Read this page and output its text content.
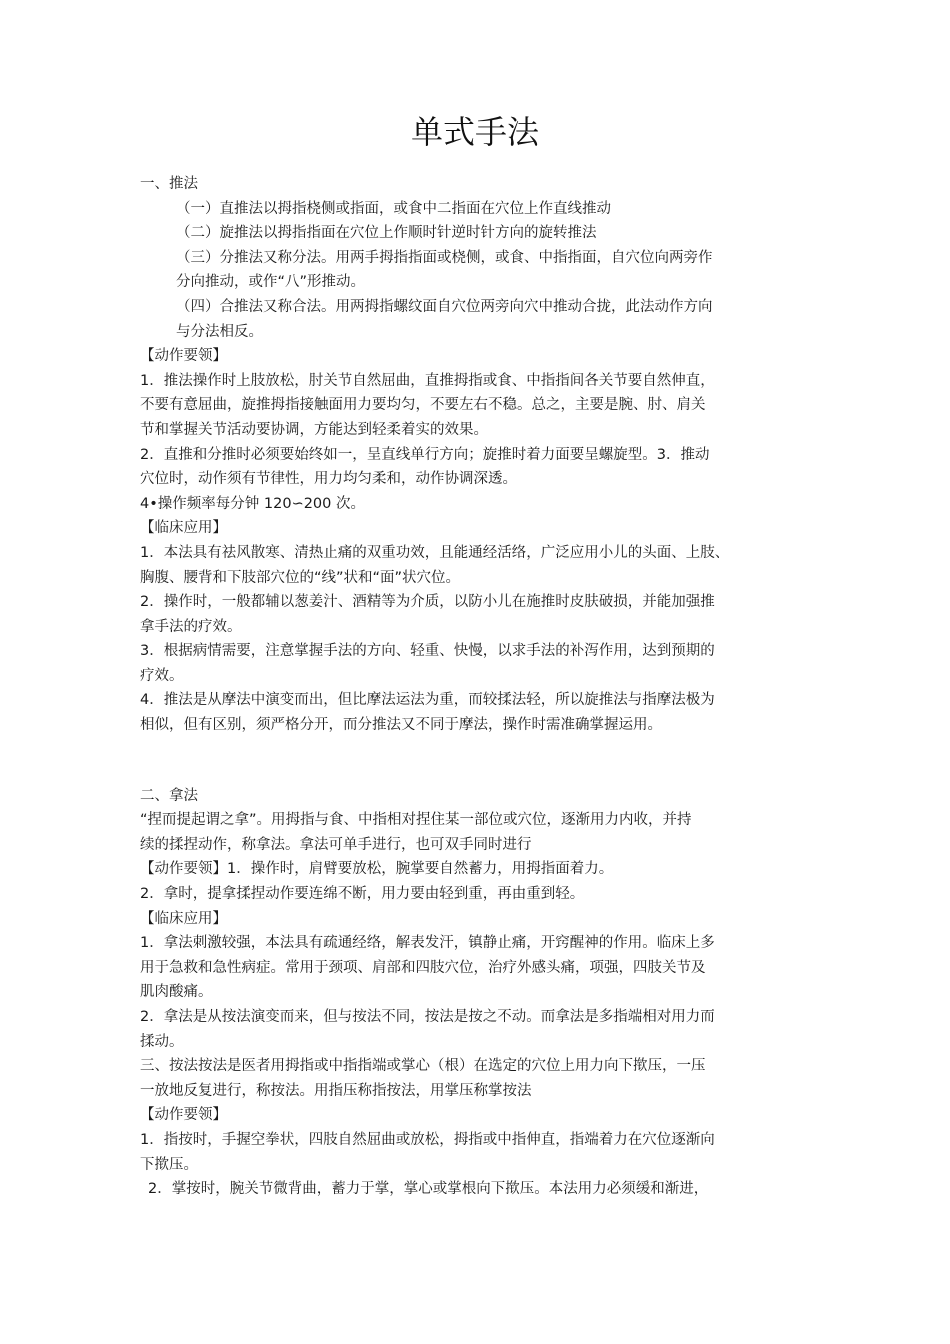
单式手法

一、推法

（一）直推法以拇指桡侧或指面，或食中二指面在穴位上作直线推动

（二）旋推法以拇指指面在穴位上作顺时针逆时针方向的旋转推法

（三）分推法又称分法。用两手拇指指面或桡侧，或食、中指指面，自穴位向两旁作

分向推动，或作“八”形推动。

（四）合推法又称合法。用两拇指螺纹面自穴位两旁向穴中推动合拢，此法动作方向

与分法相反。

【动作要领】

1．推法操作时上肢放松，肘关节自然屈曲，直推拇指或食、中指指间各关节要自然伸直，

不要有意屈曲，旋推拇指接触面用力要均匀，不要左右不稳。总之，主要是腕、肘、肩关

节和掌握关节活动要协调，方能达到轻柔着实的效果。

2．直推和分推时必须要始终如一，呈直线单行方向；旋推时着力面要呈螺旋型。3．推动

穴位时，动作须有节律性，用力均匀柔和，动作协调深透。

4•操作频率每分钟 120∽200 次。

【临床应用】

1．本法具有祛风散寒、清热止痛的双重功效，且能通经活络，广泛应用小儿的头面、上肢、

胸腹、腰背和下肢部穴位的“线”状和“面”状穴位。

2．操作时，一般都辅以葱姜汁、酒精等为介质，以防小儿在施推时皮肤破损，并能加强推

拿手法的疗效。

3．根据病情需要，注意掌握手法的方向、轻重、快慢，以求手法的补泻作用，达到预期的

疗效。

4．推法是从摩法中演变而出，但比摩法运法为重，而较揉法轻，所以旋推法与指摩法极为

相似，但有区别，须严格分开，而分推法又不同于摩法，操作时需准确掌握运用。

二、拿法

“捏而提起谓之拿”。用拇指与食、中指相对捏住某一部位或穴位，逐渐用力内收，并持

续的揉捏动作，称拿法。拿法可单手进行，也可双手同时进行

【动作要领】1．操作时，肩臂要放松，腕掌要自然蓄力，用拇指面着力。

2．拿时，提拿揉捏动作要连绵不断，用力要由轻到重，再由重到轻。

【临床应用】

1．拿法刺激较强，本法具有疏通经络，解表发汗，镇静止痛，开窍醒神的作用。临床上多

用于急救和急性病症。常用于颈项、肩部和四肢穴位，治疗外感头痛，项强，四肢关节及

肌肉酸痛。

2．拿法是从按法演变而来，但与按法不同，按法是按之不动。而拿法是多指端相对用力而

揉动。

三、按法按法是医者用拇指或中指指端或掌心（根）在选定的穴位上用力向下揿压，一压

一放地反复进行，称按法。用指压称指按法，用掌压称掌按法

【动作要领】

1．指按时，手握空拳状，四肢自然屈曲或放松，拇指或中指伸直，指端着力在穴位逐渐向

下揿压。

2．掌按时，腕关节微背曲，蓄力于掌，掌心或掌根向下揿压。本法用力必须缓和渐进，
